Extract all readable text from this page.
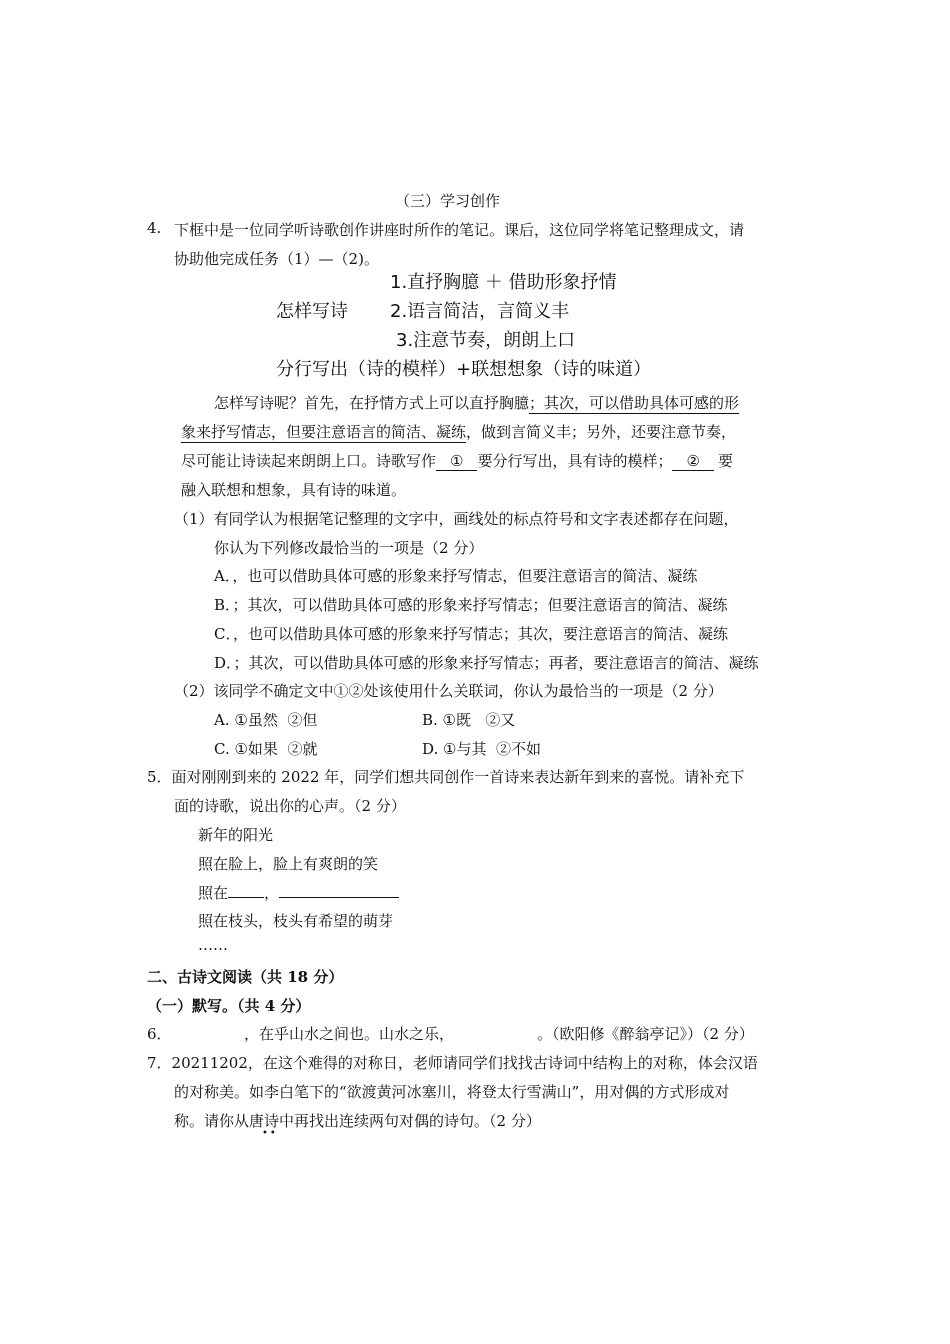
（三）学习创作
4. 下框中是一位同学听诗歌创作讲座时所作的笔记。课后，这位同学将笔记整理成文，请
协助他完成任务（1）—（2)。
1.直抒胸臆 ＋ 借助形象抒情
怎样写诗 2.语言简洁，言简义丰
3.注意节奏，朗朗上口
分行写出（诗的模样）+联想想象（诗的味道）
怎样写诗呢？首先，在抒情方式上可以直抒胸臆；其次，可以借助具体可感的形
象来抒写情志，但要注意语言的简洁、凝练，做到言简义丰；另外，还要注意节奏，
尽可能让诗读起来朗朗上口。诗歌写作 ① 要分行写出，具有诗的模样； ② 要
融入联想和想象，具有诗的味道。
（1）有同学认为根据笔记整理的文字中，画线处的标点符号和文字表述都存在问题，
你认为下列修改最恰当的一项是（2 分）
A．，也可以借助具体可感的形象来抒写情志，但要注意语言的简洁、凝练
B．；其次，可以借助具体可感的形象来抒写情志；但要注意语言的简洁、凝练
C．，也可以借助具体可感的形象来抒写情志；其次，要注意语言的简洁、凝练
D．；其次，可以借助具体可感的形象来抒写情志；再者，要注意语言的简洁、凝练
（2）该同学不确定文中①②处该使用什么关联词，你认为最恰当的一项是（2 分）
A. ①虽然  ②但	B. ①既   ②又
C. ①如果  ②就	D. ①与其  ②不如
5．面对刚刚到来的 2022 年，同学们想共同创作一首诗来表达新年到来的喜悦。请补充下
面的诗歌，说出你的心声。（2 分）
新年的阳光
照在脸上，脸上有爽朗的笑
照在 ，
照在枝头，枝头有希望的萌芽
……
二、古诗文阅读（共 18 分）
（一）默写。（共 4 分）
6．	，在乎山水之间也。山水之乐，	。（欧阳修《醉翁亭记》）（2 分）
7．20211202，在这个难得的对称日，老师请同学们找找古诗词中结构上的对称，体会汉语
的对称美。如李白笔下的“欲渡黄河冰塞川，将登太行雪满山”，用对偶的方式形成对
称。请你从唐诗中再找出连续两句对偶的诗句。（2 分）
••
